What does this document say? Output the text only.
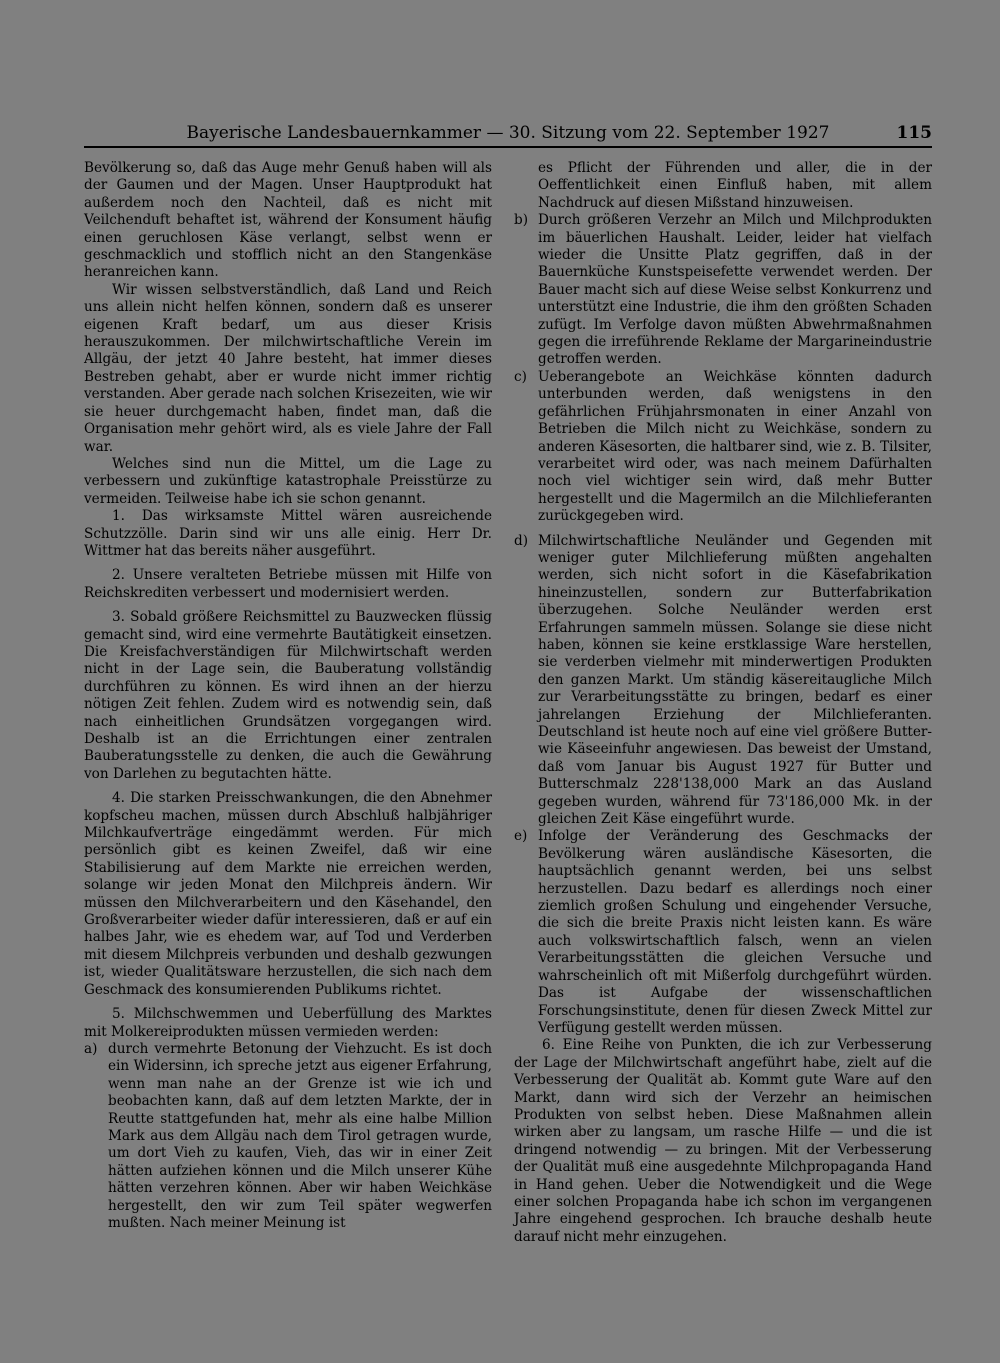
Bayerische Landesbauernkammer — 30. Sitzung vom 22. September 1927	115

Bevölkerung so, daß das Auge mehr Genuß haben will als der Gaumen und der Magen. Unser Hauptprodukt hat außerdem noch den Nachteil, daß es nicht mit Veilchenduft behaftet ist, während der Konsument häufig einen geruchlosen Käse verlangt, selbst wenn er geschmacklich und stofflich nicht an den Stangenkäse heranreichen kann.

Wir wissen selbstverständlich, daß Land und Reich uns allein nicht helfen können, sondern daß es unserer eigenen Kraft bedarf, um aus dieser Krisis herauszukommen. Der milchwirtschaftliche Verein im Allgäu, der jetzt 40 Jahre besteht, hat immer dieses Bestreben gehabt, aber er wurde nicht immer richtig verstanden. Aber gerade nach solchen Krisezeiten, wie wir sie heuer durchgemacht haben, findet man, daß die Organisation mehr gehört wird, als es viele Jahre der Fall war.

Welches sind nun die Mittel, um die Lage zu verbessern und zukünftige katastrophale Preisstürze zu vermeiden. Teilweise habe ich sie schon genannt.

1. Das wirksamste Mittel wären ausreichende Schutzzölle. Darin sind wir uns alle einig. Herr Dr. Wittmer hat das bereits näher ausgeführt.

2. Unsere veralteten Betriebe müssen mit Hilfe von Reichskrediten verbessert und modernisiert werden.

3. Sobald größere Reichsmittel zu Bauzwecken flüssig gemacht sind, wird eine vermehrte Bautätigkeit einsetzen. Die Kreisfachverständigen für Milchwirtschaft werden nicht in der Lage sein, die Bauberatung vollständig durchführen zu können. Es wird ihnen an der hierzu nötigen Zeit fehlen. Zudem wird es notwendig sein, daß nach einheitlichen Grundsätzen vorgegangen wird. Deshalb ist an die Errichtungen einer zentralen Bauberatungsstelle zu denken, die auch die Gewährung von Darlehen zu begutachten hätte.

4. Die starken Preisschwankungen, die den Abnehmer kopfscheu machen, müssen durch Abschluß halbjähriger Milchkaufverträge eingedämmt werden. Für mich persönlich gibt es keinen Zweifel, daß wir eine Stabilisierung auf dem Markte nie erreichen werden, solange wir jeden Monat den Milchpreis ändern. Wir müssen den Milchverarbeitern und den Käsehandel, den Großverarbeiter wieder dafür interessieren, daß er auf ein halbes Jahr, wie es ehedem war, auf Tod und Verderben mit diesem Milchpreis verbunden und deshalb gezwungen ist, wieder Qualitätsware herzustellen, die sich nach dem Geschmack des konsumierenden Publikums richtet.

5. Milchschwemmen und Ueberfüllung des Marktes mit Molkereiprodukten müssen vermieden werden:

a) durch vermehrte Betonung der Viehzucht. Es ist doch ein Widersinn, ich spreche jetzt aus eigener Erfahrung, wenn man nahe an der Grenze ist wie ich und beobachten kann, daß auf dem letzten Markte, der in Reutte stattgefunden hat, mehr als eine halbe Million Mark aus dem Allgäu nach dem Tirol getragen wurde, um dort Vieh zu kaufen, Vieh, das wir in einer Zeit hätten aufziehen können und die Milch unserer Kühe hätten verzehren können. Aber wir haben Weichkäse hergestellt, den wir zum Teil später wegwerfen mußten. Nach meiner Meinung ist

es Pflicht der Führenden und aller, die in der Oeffentlichkeit einen Einfluß haben, mit allem Nachdruck auf diesen Mißstand hinzuweisen.

b) Durch größeren Verzehr an Milch und Milchprodukten im bäuerlichen Haushalt. Leider, leider hat vielfach wieder die Unsitte Platz gegriffen, daß in der Bauernküche Kunstspeisefette verwendet werden. Der Bauer macht sich auf diese Weise selbst Konkurrenz und unterstützt eine Industrie, die ihm den größten Schaden zufügt. Im Verfolge davon müßten Abwehrmaßnahmen gegen die irreführende Reklame der Margarineindustrie getroffen werden.

c) Ueberangebote an Weichkäse könnten dadurch unterbunden werden, daß wenigstens in den gefährlichen Frühjahrsmonaten in einer Anzahl von Betrieben die Milch nicht zu Weichkäse, sondern zu anderen Käsesorten, die haltbarer sind, wie z. B. Tilsiter, verarbeitet wird oder, was nach meinem Dafürhalten noch viel wichtiger sein wird, daß mehr Butter hergestellt und die Magermilch an die Milchlieferanten zurückgegeben wird.

d) Milchwirtschaftliche Neuländer und Gegenden mit weniger guter Milchlieferung müßten angehalten werden, sich nicht sofort in die Käsefabrikation hineinzustellen, sondern zur Butterfabrikation überzugehen. Solche Neuländer werden erst Erfahrungen sammeln müssen. Solange sie diese nicht haben, können sie keine erstklassige Ware herstellen, sie verderben vielmehr mit minderwertigen Produkten den ganzen Markt. Um ständig käsereitaugliche Milch zur Verarbeitungsstätte zu bringen, bedarf es einer jahrelangen Erziehung der Milchlieferanten. Deutschland ist heute noch auf eine viel größere Butter- wie Käseeinfuhr angewiesen. Das beweist der Umstand, daß vom Januar bis August 1927 für Butter und Butterschmalz 228'138,000 Mark an das Ausland gegeben wurden, während für 73'186,000 Mk. in der gleichen Zeit Käse eingeführt wurde.

e) Infolge der Veränderung des Geschmacks der Bevölkerung wären ausländische Käsesorten, die hauptsächlich genannt werden, bei uns selbst herzustellen. Dazu bedarf es allerdings noch einer ziemlich großen Schulung und eingehender Versuche, die sich die breite Praxis nicht leisten kann. Es wäre auch volkswirtschaftlich falsch, wenn an vielen Verarbeitungsstätten die gleichen Versuche und wahrscheinlich oft mit Mißerfolg durchgeführt würden. Das ist Aufgabe der wissenschaftlichen Forschungsinstitute, denen für diesen Zweck Mittel zur Verfügung gestellt werden müssen.

6. Eine Reihe von Punkten, die ich zur Verbesserung der Lage der Milchwirtschaft angeführt habe, zielt auf die Verbesserung der Qualität ab. Kommt gute Ware auf den Markt, dann wird sich der Verzehr an heimischen Produkten von selbst heben. Diese Maßnahmen allein wirken aber zu langsam, um rasche Hilfe — und die ist dringend notwendig — zu bringen. Mit der Verbesserung der Qualität muß eine ausgedehnte Milchpropaganda Hand in Hand gehen. Ueber die Notwendigkeit und die Wege einer solchen Propaganda habe ich schon im vergangenen Jahre eingehend gesprochen. Ich brauche deshalb heute darauf nicht mehr einzugehen.
